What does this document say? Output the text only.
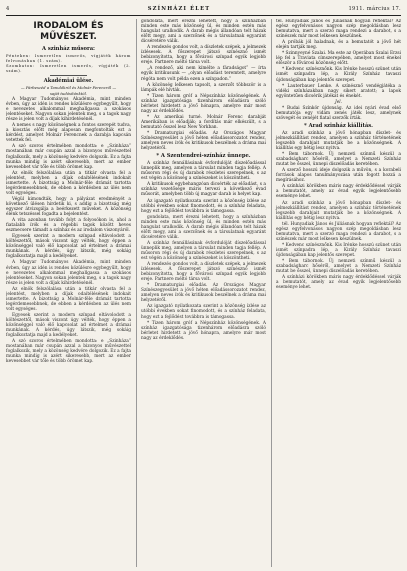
4	SZÍNHÁZI ÉLET	1911. március 17.
IRODALOM ÉS MŰVÉSZET.
A szinház műsora:

Pénteken: Ismeretlen ismerős, vígjáték három felvonásban (1. szám).

Szombaton: Ismeretlen ismerős, vígjáték (2. szám).

Akadémiai ülése.
— Párbeszéd a Tanulókról és Molnár Ferencről —
saját tudósítónktól.

A Magyar Tudományos Akadémia, mint minden évben, úgy az idén is rendes közülésre egybegyűlt, hogy e nevezetes alkalommal meghallgassa a szokásos jelentéseket. Nagyon sokan jelentek meg, s a tagok nagy része is jelen volt a díjak kihirdetésénél.

A nemes s nagy közönségnek a fontos szerepét tudva, a kiosztás előtt még alaposan megfontolták ezt a kérdést, amelyet Molnár Ferencnek a darabja kapcsán vetettek fel.

A szó szoros értelmében mondotta: e „Szinháza” mostanában már csupán azzal a bizonyos művészettel foglalkozik, mely a közönség kedvére dolgozik. Ez a fajta munka mindig is azért sikeresebb, mert az ember kevesebbet vár tőle és több örömet kap.

Az elnök felszólalása után a titkár olvasta fel a jelentést, melyben a díjak odaítélésének indokait ismertette. A bizottság a Molnár-féle drámát tartotta legérdemesebbnek, de ebben a kérdésben az ülés nem volt egységes.

Végül kimondták, hogy a pályázat eredményét a következő ülésen hirdetik ki, s addig a bizottság még egyszer átvizsgálja a beérkezett műveket. A közönség élénk tetszéssel fogadta a bejelentést.

A vita azonban tovább folyt a folyosókon is, ahol a fiatalabb írók és a régebbi tagok között heves eszmecsere támadt a színház és az irodalom viszonyáról.

Egyesek szerint a modern színpad eltávolodott a költészettől, mások viszont úgy vélték, hogy éppen a közönséggel való élő kapcsolat ad értelmet a drámai munkának. A kérdés, úgy látszik, még sokáig foglalkoztatja majd a kedélyeket.

A Magyar Tudományos Akadémia, mint minden évben, úgy az idén is rendes közülésre egybegyűlt, hogy e nevezetes alkalommal meghallgassa a szokásos jelentéseket. Nagyon sokan jelentek meg, s a tagok nagy része is jelen volt a díjak kihirdetésénél.

Az elnök felszólalása után a titkár olvasta fel a jelentést, melyben a díjak odaítélésének indokait ismertette. A bizottság a Molnár-féle drámát tartotta legérdemesebbnek, de ebben a kérdésben az ülés nem volt egységes.

Egyesek szerint a modern színpad eltávolodott a költészettől, mások viszont úgy vélték, hogy éppen a közönséggel való élő kapcsolat ad értelmet a drámai munkának. A kérdés, úgy látszik, még sokáig foglalkoztatja majd a kedélyeket.

A szó szoros értelmében mondotta: e „Szinháza” mostanában már csupán azzal a bizonyos művészettel foglalkozik, mely a közönség kedvére dolgozik. Ez a fajta munka mindig is azért sikeresebb, mert az ember kevesebbet vár tőle és több örömet kap.

gondolata, mert érezni lehetett, hogy a színházban minden este más közönség ül, és minden estén más hangulat uralkodik. A darab mégis állandóan telt házak előtt megy, ami a szerzőnek és a társulatnak egyaránt dicséretére válik.

A rendezés gondos volt, a díszletek szépek, a jelmezek ízlésesek. A főszerepet játszó színésznő ismét bebizonyította, hogy a fővárosi színpad egyik legjobb ereje. Partnere méltó társa volt.

„A rendező, aki nem kímélte a fáradságot” — írta egyik kritikusunk — „olyan előadást teremtett, amelyre régóta nem volt példa ezen a színpadon.”

A közönség lelkesen tapsolt, a szerzőt többször is a lámpák elé hívták.

* Tizen három gróf a Népszínház közönségének. A színház igazgatósága tizenhárom előadásra szóló bérletet hirdetett a jövő hónapra, amelyre már most nagy az érdeklődés.

* Az amerikai turné. Molnár Ferenc darabját Amerikában is előadják; a fordítás már elkészült, s a bemutató ősszel lesz New Yorkban.

* Dramaturgiai előadás. Az Országos Magyar Színészegyesület a jövő héten előadássorozatot rendez, amelyen neves írók és kritikusok beszélnek a dráma mai helyzetéről.

* A Szentendrei-színház ünnepe.

A színház fennállásának évfordulóját díszelőadással ünneplik meg, amelyen a társulat minden tagja fellép. A műsoron régi és új darabok részletei szerepelnek, s az est végén a közönség a színészeket is köszöntheti.

A kritikusok egybehangzóan dicsérték az előadást, s a színház vezetősége máris tervezi a következő évad műsorát, amelyben több új magyar darab is helyet kap.

Az igazgató nyilatkozata szerint a közönség ízlése az utóbbi években sokat finomodott, és a színház feladata, hogy ezt a fejlődést továbbra is támogassa.

gondolata, mert érezni lehetett, hogy a színházban minden este más közönség ül, és minden estén más hangulat uralkodik. A darab mégis állandóan telt házak előtt megy, ami a szerzőnek és a társulatnak egyaránt dicséretére válik.

A színház fennállásának évfordulóját díszelőadással ünneplik meg, amelyen a társulat minden tagja fellép. A műsoron régi és új darabok részletei szerepelnek, s az est végén a közönség a színészeket is köszöntheti.

A rendezés gondos volt, a díszletek szépek, a jelmezek ízlésesek. A főszerepet játszó színésznő ismét bebizonyította, hogy a fővárosi színpad egyik legjobb ereje. Partnere méltó társa volt.

* Dramaturgiai előadás. Az Országos Magyar Színészegyesület a jövő héten előadássorozatot rendez, amelyen neves írók és kritikusok beszélnek a dráma mai helyzetéről.

Az igazgató nyilatkozata szerint a közönség ízlése az utóbbi években sokat finomodott, és a színház feladata, hogy ezt a fejlődést továbbra is támogassa.

* Tizen három gróf a Népszínház közönségének. A színház igazgatósága tizenhárom előadásra szóló bérletet hirdetett a jövő hónapra, amelyre már most nagy az érdeklődés.

tél. Hunyadiak János és Júliásnak hogyan reflektál? Az egész egyfelvonásos nagyon szép megoldásban lesz bemutatva, mert a szerző maga rendezi a darabot, s a színészek már most lelkesen készülnek.

A próbák jól haladnak, és a bemutatót a jövő hét elején tartják meg.

* Szinnyeyné Szalai. Ma este az Operában Szalai Erzsi lép fel a Traviata címszerepében, amelyet most énekel először a fővárosi közönség előtt.

* Kedvenc színésznőnk. Kis Irénke hosszú szünet után ismét színpadra lép, a Király Színház tavaszi újdonságában kap jelentős szerepet.

* Lauterbauer Lenke. A színésznő vendégjátéka a vidéki színházakban nagy sikert aratott; a lapok egyöntetűen dicsérik játékát és énekét.

Jel.

* Budai Színkör újdonság. Az idei nyári évad első bemutatója egy vidám zenés játék lesz, amelynek szövegét és zenéjét fiatal szerzők írták.

* Arad szinház kiállítás.

Az aradi színház a jövő hónapban díszlet- és jelmezkiállítást rendez, amelyen a színház történetének legszebb darabjait mutatják be a közönségnek. A kiállítás egy hétig lesz nyitva.

* Bem tábornok. Új nemzeti színmű készül a szabadságharc hőséről, amelyet a Nemzeti Színház mutat be ősszel, ünnepi díszelőadás keretében.

A szerző hosszú ideje dolgozik a művön, s a korabeli források alapos tanulmányozása után fogott hozzá a megírásához.

A színházi körökben máris nagy érdeklődéssel várják a bemutatót, amely az évad egyik legjelentősebb eseménye lehet.

Az aradi színház a jövő hónapban díszlet- és jelmezkiállítást rendez, amelyen a színház történetének legszebb darabjait mutatják be a közönségnek. A kiállítás egy hétig lesz nyitva.

tél. Hunyadiak János és Júliásnak hogyan reflektál? Az egész egyfelvonásos nagyon szép megoldásban lesz bemutatva, mert a szerző maga rendezi a darabot, s a színészek már most lelkesen készülnek.

* Kedvenc színésznőnk. Kis Irénke hosszú szünet után ismét színpadra lép, a Király Színház tavaszi újdonságában kap jelentős szerepet.

* Bem tábornok. Új nemzeti színmű készül a szabadságharc hőséről, amelyet a Nemzeti Színház mutat be ősszel, ünnepi díszelőadás keretében.

A színházi körökben máris nagy érdeklődéssel várják a bemutatót, amely az évad egyik legjelentősebb eseménye lehet.
